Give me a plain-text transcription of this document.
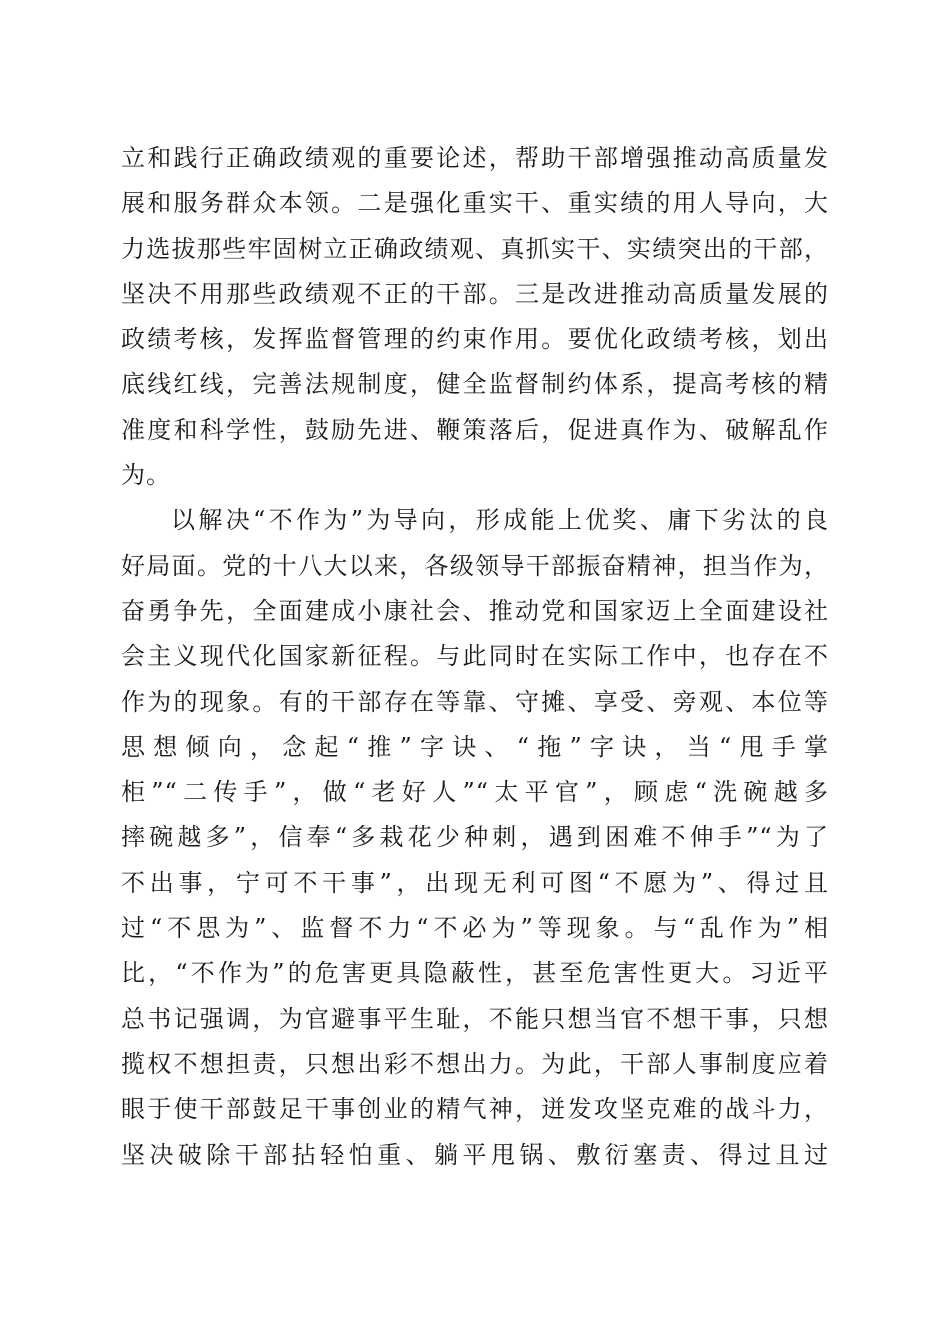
立和践行正确政绩观的重要论述，帮助干部增强推动高质量发
展和服务群众本领。二是强化重实干、重实绩的用人导向，大
力选拔那些牢固树立正确政绩观、真抓实干、实绩突出的干部，
坚决不用那些政绩观不正的干部。三是改进推动高质量发展的
政绩考核，发挥监督管理的约束作用。要优化政绩考核，划出
底线红线，完善法规制度，健全监督制约体系，提高考核的精
准度和科学性，鼓励先进、鞭策落后，促进真作为、破解乱作
为。
以解决“不作为”为导向，形成能上优奖、庸下劣汰的良
好局面。党的十八大以来，各级领导干部振奋精神，担当作为，
奋勇争先，全面建成小康社会、推动党和国家迈上全面建设社
会主义现代化国家新征程。与此同时在实际工作中，也存在不
作为的现象。有的干部存在等靠、守摊、享受、旁观、本位等
思想倾向，念起“推”字诀、“拖”字诀，当“甩手掌
柜”“二传手”，做“老好人”“太平官”，顾虑“洗碗越多
摔碗越多”，信奉“多栽花少种刺，遇到困难不伸手”“为了
不出事，宁可不干事”，出现无利可图“不愿为”、得过且
过“不思为”、监督不力“不必为”等现象。与“乱作为”相
比，“不作为”的危害更具隐蔽性，甚至危害性更大。习近平
总书记强调，为官避事平生耻，不能只想当官不想干事，只想
揽权不想担责，只想出彩不想出力。为此，干部人事制度应着
眼于使干部鼓足干事创业的精气神，迸发攻坚克难的战斗力，
坚决破除干部拈轻怕重、躺平甩锅、敷衍塞责、得过且过
